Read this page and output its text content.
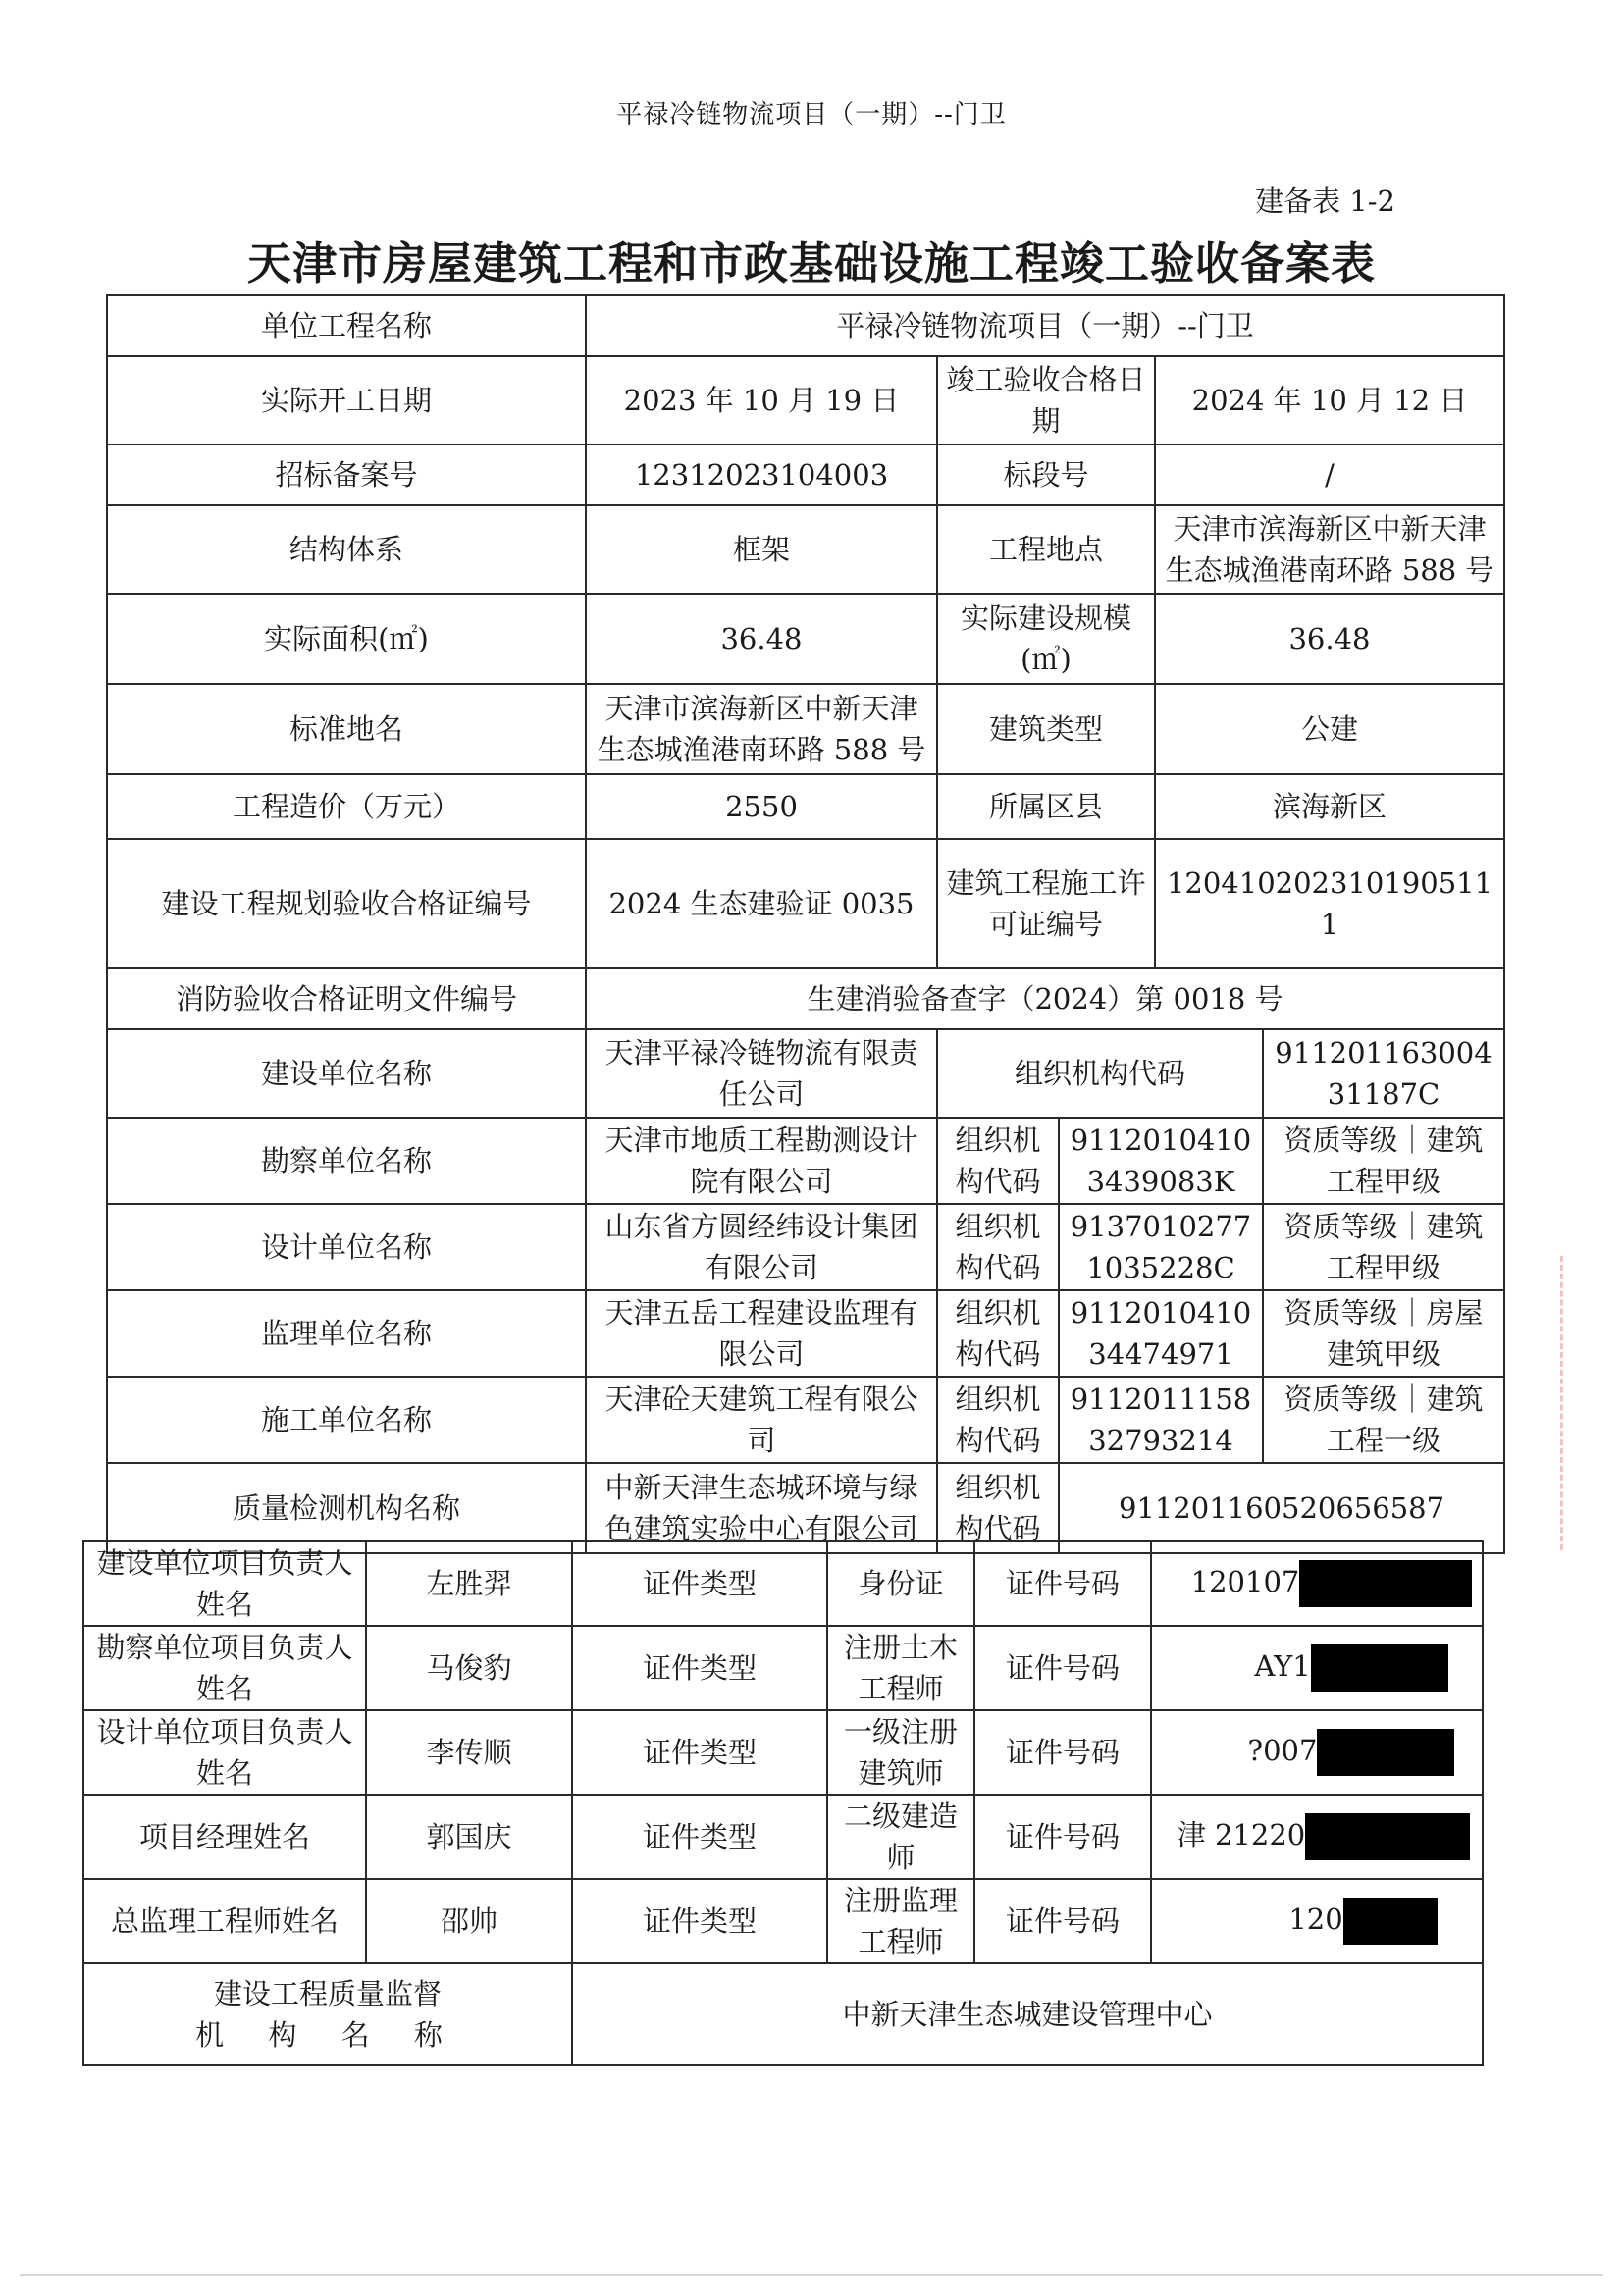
平禄冷链物流项目（一期）--门卫
建备表 1-2
天津市房屋建筑工程和市政基础设施工程竣工验收备案表
单位工程名称	平禄冷链物流项目（一期）--门卫				
实际开工日期	2023 年 10 月 19 日	竣工验收合格日期		2024 年 10 月 12 日	
招标备案号	12312023104003	标段号		/	
结构体系	框架	工程地点		天津市滨海新区中新天津生态城渔港南环路 588 号	
实际面积(㎡)	36.48	实际建设规模(㎡)		36.48	
标准地名	天津市滨海新区中新天津生态城渔港南环路 588 号	建筑类型		公建	
工程造价（万元）	2550	所属区县		滨海新区	
建设工程规划验收合格证编号	2024 生态建验证 0035	建筑工程施工许可证编号		120410202310190511 1	
消防验收合格证明文件编号	生建消验备查字（2024）第 0018 号				
建设单位名称	天津平禄冷链物流有限责任公司	组织机构代码			91120116300431187C
勘察单位名称	天津市地质工程勘测设计院有限公司	组织机构代码	91120104103439083K		资质等级｜建筑工程甲级
设计单位名称	山东省方圆经纬设计集团有限公司	组织机构代码	91370102771035228C		资质等级｜建筑工程甲级
监理单位名称	天津五岳工程建设监理有限公司	组织机构代码	911201041034474971		资质等级｜房屋建筑甲级
施工单位名称	天津砼天建筑工程有限公司	组织机构代码	911201115832793214		资质等级｜建筑工程一级
质量检测机构名称	中新天津生态城环境与绿色建筑实验中心有限公司	组织机构代码	911201160520656587		
建设单位项目负责人姓名	左胜羿	证件类型	身份证	证件号码	120107
勘察单位项目负责人姓名	马俊豹	证件类型	注册土木工程师	证件号码	AY1
设计单位项目负责人姓名	李传顺	证件类型	一级注册建筑师	证件号码	?007
项目经理姓名	郭国庆	证件类型	二级建造师	证件号码	津 21220
总监理工程师姓名	邵帅	证件类型	注册监理工程师	证件号码	120

建设工程质量监督
机 构 名 称		中新天津生态城建设管理中心			
